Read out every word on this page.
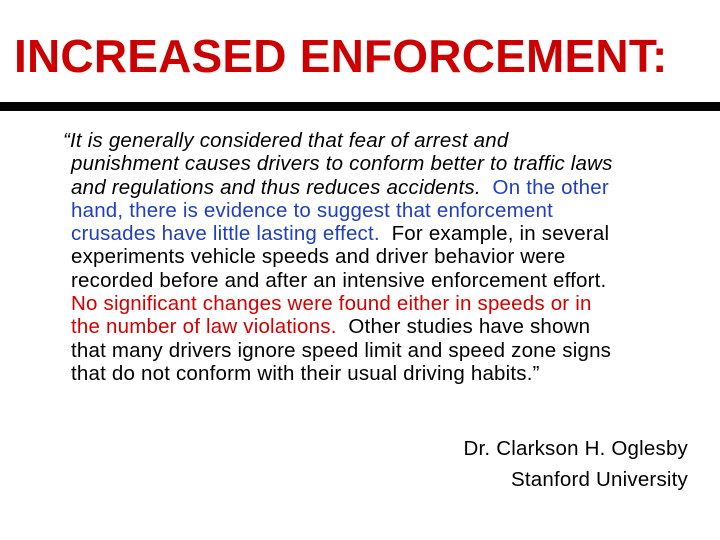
INCREASED ENFORCEMENT:
“It is generally considered that fear of arrest and
punishment causes drivers to conform better to traffic laws
and regulations and thus reduces accidents.  On the other
hand, there is evidence to suggest that enforcement
crusades have little lasting effect.  For example, in several
experiments vehicle speeds and driver behavior were
recorded before and after an intensive enforcement effort.
No significant changes were found either in speeds or in
the number of law violations.  Other studies have shown
that many drivers ignore speed limit and speed zone signs
that do not conform with their usual driving habits.”
Dr. Clarkson H. Oglesby
Stanford University
